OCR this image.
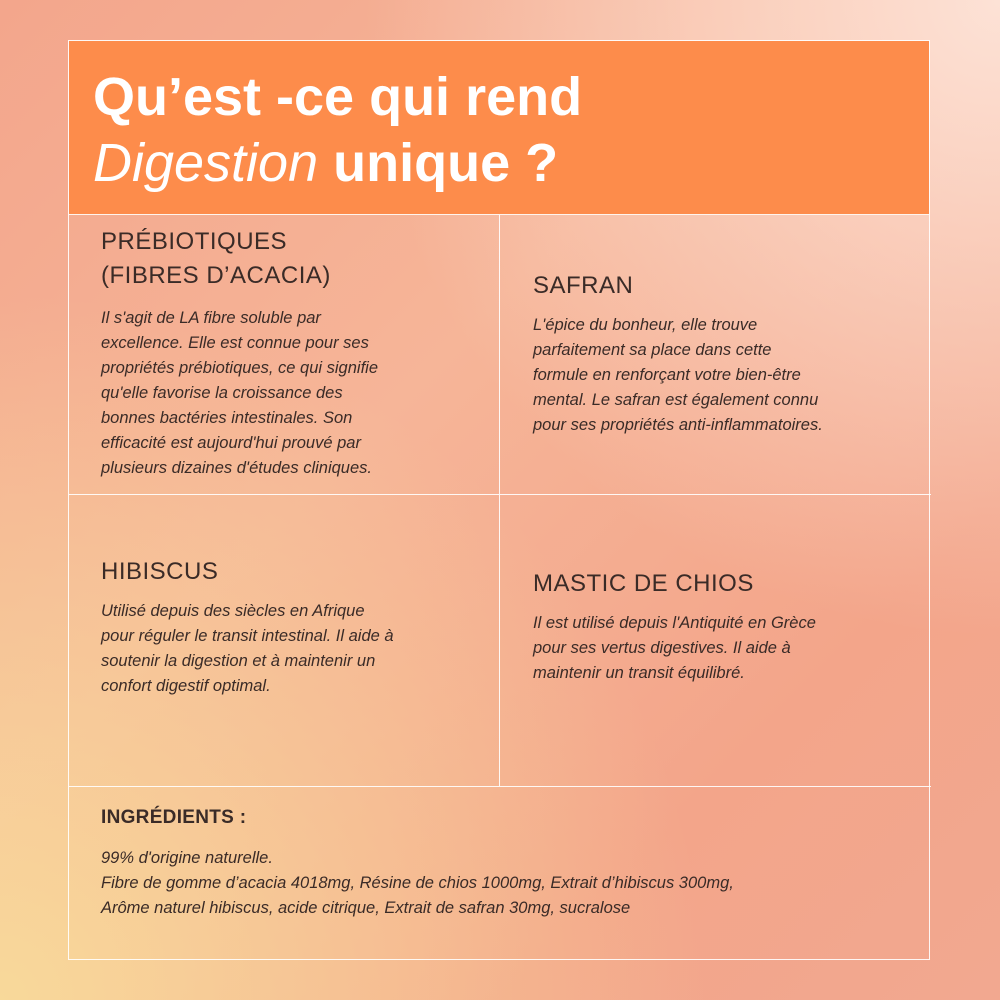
Qu’est -ce qui rend
Digestion unique ?
PRÉBIOTIQUES
(FIBRES D’ACACIA)

Il s'agit de LA fibre soluble par
excellence. Elle est connue pour ses
propriétés prébiotiques, ce qui signifie
qu'elle favorise la croissance des
bonnes bactéries intestinales. Son
efficacité est aujourd'hui prouvé par
plusieurs dizaines d'études cliniques.

SAFRAN

L'épice du bonheur, elle trouve
parfaitement sa place dans cette
formule en renforçant votre bien-être
mental. Le safran est également connu
pour ses propriétés anti-inflammatoires.

HIBISCUS

Utilisé depuis des siècles en Afrique
pour réguler le transit intestinal. Il aide à
soutenir la digestion et à maintenir un
confort digestif optimal.

MASTIC DE CHIOS

Il est utilisé depuis l'Antiquité en Grèce
pour ses vertus digestives. Il aide à
maintenir un transit équilibré.

INGRÉDIENTS :

99% d'origine naturelle.
Fibre de gomme d’acacia 4018mg, Résine de chios 1000mg, Extrait d’hibiscus 300mg,
Arôme naturel hibiscus, acide citrique, Extrait de safran 30mg, sucralose
